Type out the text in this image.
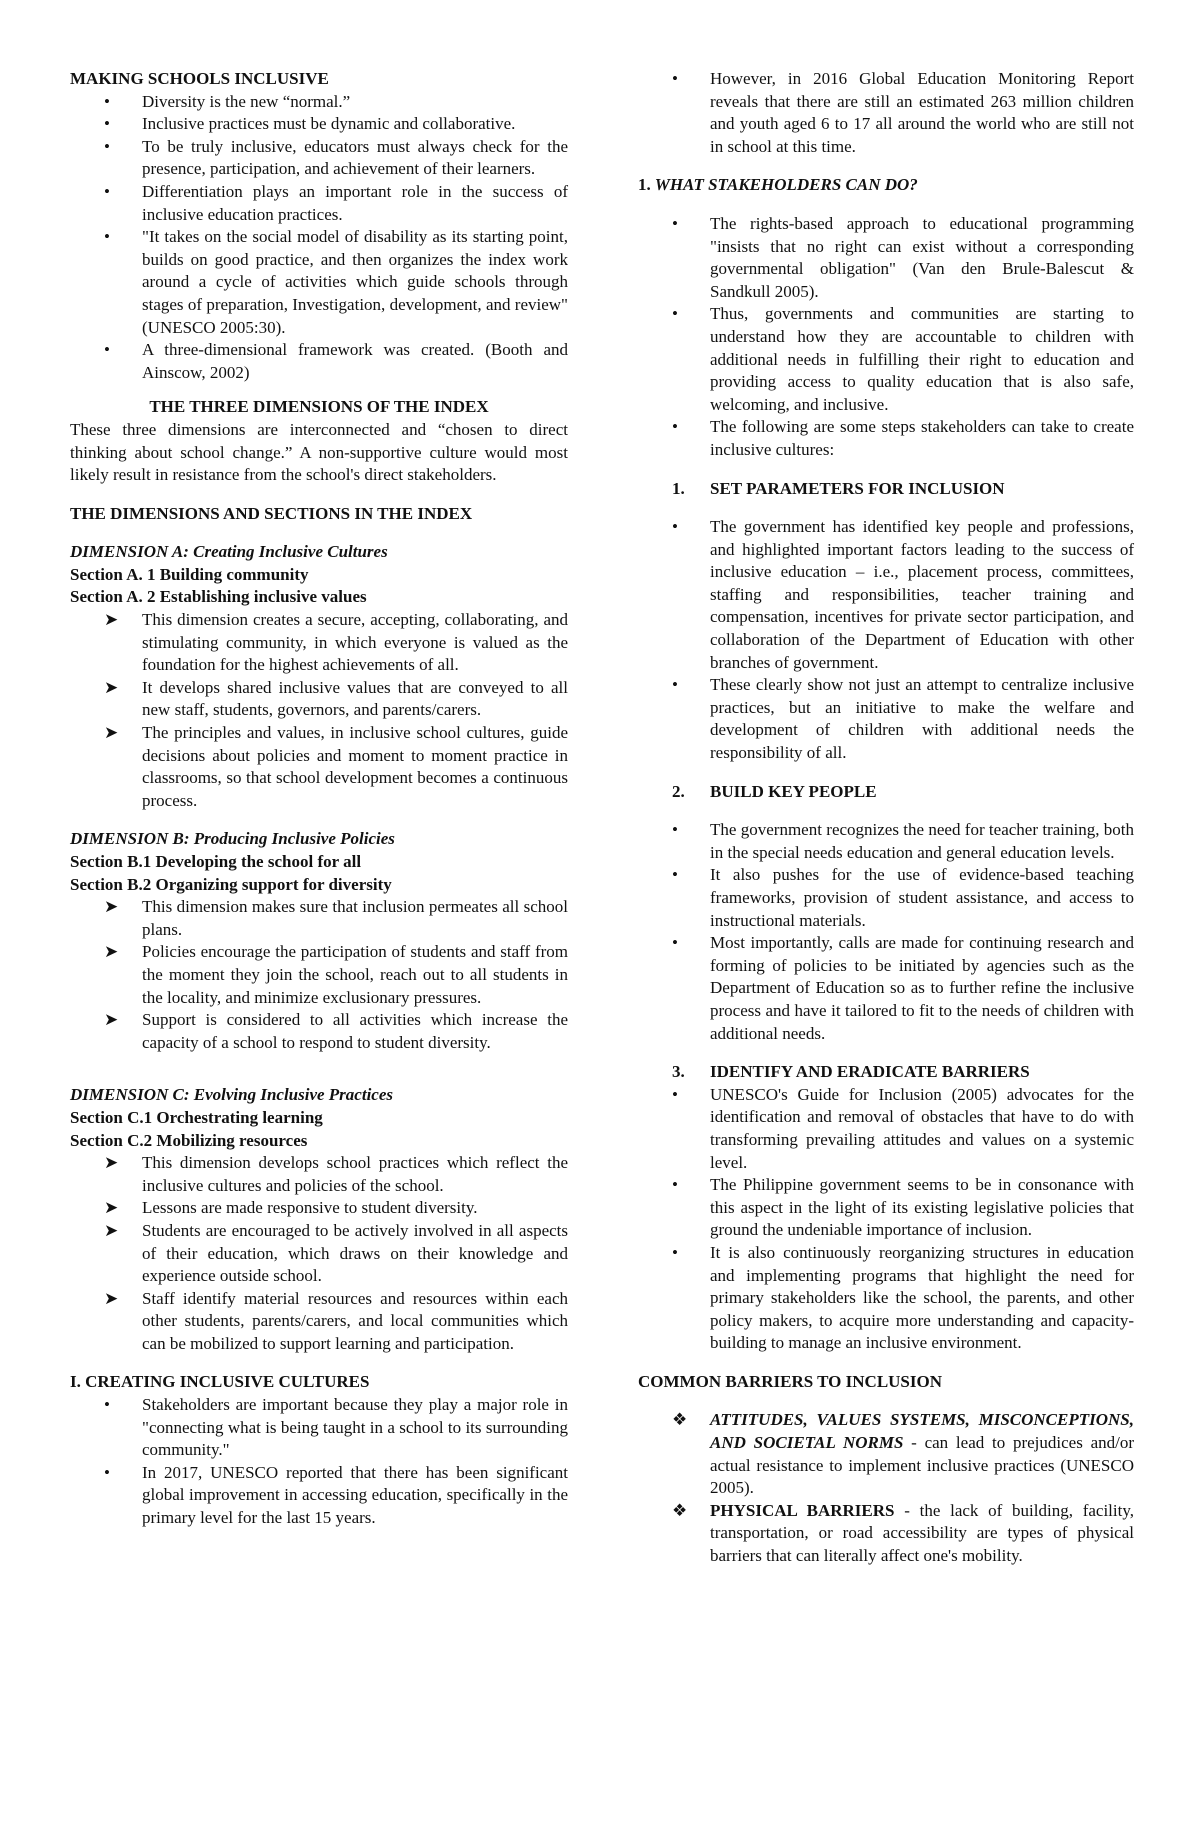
MAKING SCHOOLS INCLUSIVE

• Diversity is the new “normal.”
• Inclusive practices must be dynamic and collaborative.
• To be truly inclusive, educators must always check for the presence, participation, and achievement of their learners.
• Differentiation plays an important role in the success of inclusive education practices.
• "It takes on the social model of disability as its starting point, builds on good practice, and then organizes the index work around a cycle of activities which guide schools through stages of preparation, Investigation, development, and review" (UNESCO 2005:30).
• A three-dimensional framework was created. (Booth and Ainscow, 2002)

THE THREE DIMENSIONS OF THE INDEX

These three dimensions are interconnected and “chosen to direct thinking about school change.” A non-supportive culture would most likely result in resistance from the school's direct stakeholders.

THE DIMENSIONS AND SECTIONS IN THE INDEX

DIMENSION A: Creating Inclusive Cultures

Section A. 1 Building community

Section A. 2 Establishing inclusive values

➤ This dimension creates a secure, accepting, collaborating, and stimulating community, in which everyone is valued as the foundation for the highest achievements of all.
➤ It develops shared inclusive values that are conveyed to all new staff, students, governors, and parents/carers.
➤ The principles and values, in inclusive school cultures, guide decisions about policies and moment to moment practice in classrooms, so that school development becomes a continuous process.

DIMENSION B: Producing Inclusive Policies

Section B.1 Developing the school for all

Section B.2 Organizing support for diversity

➤ This dimension makes sure that inclusion permeates all school plans.
➤ Policies encourage the participation of students and staff from the moment they join the school, reach out to all students in the locality, and minimize exclusionary pressures.
➤ Support is considered to all activities which increase the capacity of a school to respond to student diversity.

DIMENSION C: Evolving Inclusive Practices

Section C.1 Orchestrating learning

Section C.2 Mobilizing resources

➤ This dimension develops school practices which reflect the inclusive cultures and policies of the school.
➤ Lessons are made responsive to student diversity.
➤ Students are encouraged to be actively involved in all aspects of their education, which draws on their knowledge and experience outside school.
➤ Staff identify material resources and resources within each other students, parents/carers, and local communities which can be mobilized to support learning and participation.

I. CREATING INCLUSIVE CULTURES

• Stakeholders are important because they play a major role in "connecting what is being taught in a school to its surrounding community."
• In 2017, UNESCO reported that there has been significant global improvement in accessing education, specifically in the primary level for the last 15 years.
• However, in 2016 Global Education Monitoring Report reveals that there are still an estimated 263 million children and youth aged 6 to 17 all around the world who are still not in school at this time.

1. WHAT STAKEHOLDERS CAN DO?

• The rights-based approach to educational programming "insists that no right can exist without a corresponding governmental obligation" (Van den Brule-Balescut & Sandkull 2005).
• Thus, governments and communities are starting to understand how they are accountable to children with additional needs in fulfilling their right to education and providing access to quality education that is also safe, welcoming, and inclusive.
• The following are some steps stakeholders can take to create inclusive cultures:

1. SET PARAMETERS FOR INCLUSION

• The government has identified key people and professions, and highlighted important factors leading to the success of inclusive education – i.e., placement process, committees, staffing and responsibilities, teacher training and compensation, incentives for private sector participation, and collaboration of the Department of Education with other branches of government.
• These clearly show not just an attempt to centralize inclusive practices, but an initiative to make the welfare and development of children with additional needs the responsibility of all.

2. BUILD KEY PEOPLE

• The government recognizes the need for teacher training, both in the special needs education and general education levels.
• It also pushes for the use of evidence-based teaching frameworks, provision of student assistance, and access to instructional materials.
• Most importantly, calls are made for continuing research and forming of policies to be initiated by agencies such as the Department of Education so as to further refine the inclusive process and have it tailored to fit to the needs of children with additional needs.

3. IDENTIFY AND ERADICATE BARRIERS

• UNESCO's Guide for Inclusion (2005) advocates for the identification and removal of obstacles that have to do with transforming prevailing attitudes and values on a systemic level.
• The Philippine government seems to be in consonance with this aspect in the light of its existing legislative policies that ground the undeniable importance of inclusion.
• It is also continuously reorganizing structures in education and implementing programs that highlight the need for primary stakeholders like the school, the parents, and other policy makers, to acquire more understanding and capacity-building to manage an inclusive environment.

COMMON BARRIERS TO INCLUSION

❖ ATTITUDES, VALUES SYSTEMS, MISCONCEPTIONS, AND SOCIETAL NORMS - can lead to prejudices and/or actual resistance to implement inclusive practices (UNESCO 2005).
❖ PHYSICAL BARRIERS - the lack of building, facility, transportation, or road accessibility are types of physical barriers that can literally affect one's mobility.
